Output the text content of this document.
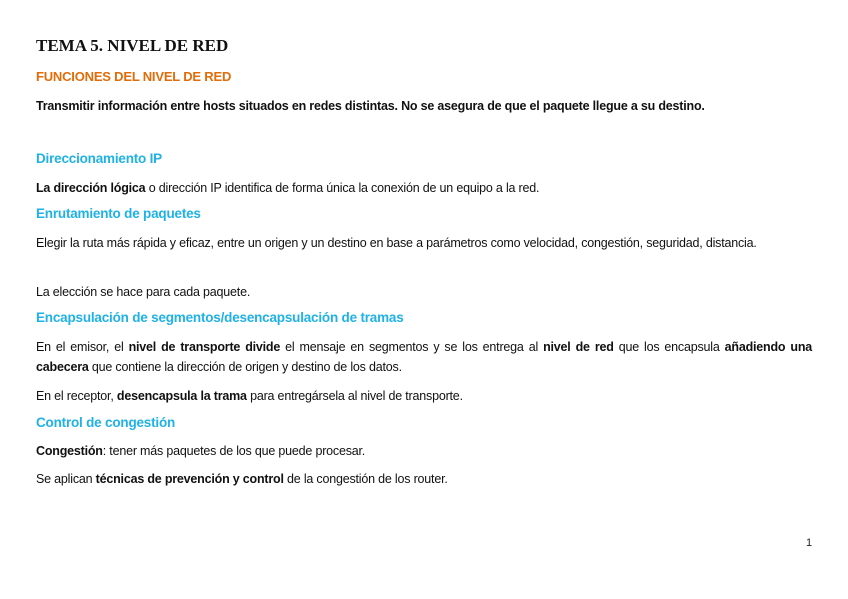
TEMA 5. NIVEL DE RED
FUNCIONES DEL NIVEL DE RED

Transmitir información entre hosts situados en redes distintas. No se asegura de que el paquete llegue a su destino.

Direccionamiento IP

La dirección lógica o dirección IP identifica de forma única la conexión de un equipo a la red.

Enrutamiento de paquetes

Elegir la ruta más rápida y eficaz, entre un origen y un destino en base a parámetros como velocidad, congestión, seguridad, distancia.

La elección se hace para cada paquete.

Encapsulación de segmentos/desencapsulación de tramas

En el emisor, el nivel de transporte divide el mensaje en segmentos y se los entrega al nivel de red que los encapsula añadiendo una cabecera que contiene la dirección de origen y destino de los datos.

En el receptor, desencapsula la trama para entregársela al nivel de transporte.

Control de congestión

Congestión: tener más paquetes de los que puede procesar.

Se aplican técnicas de prevención y control de la congestión de los router.

1
